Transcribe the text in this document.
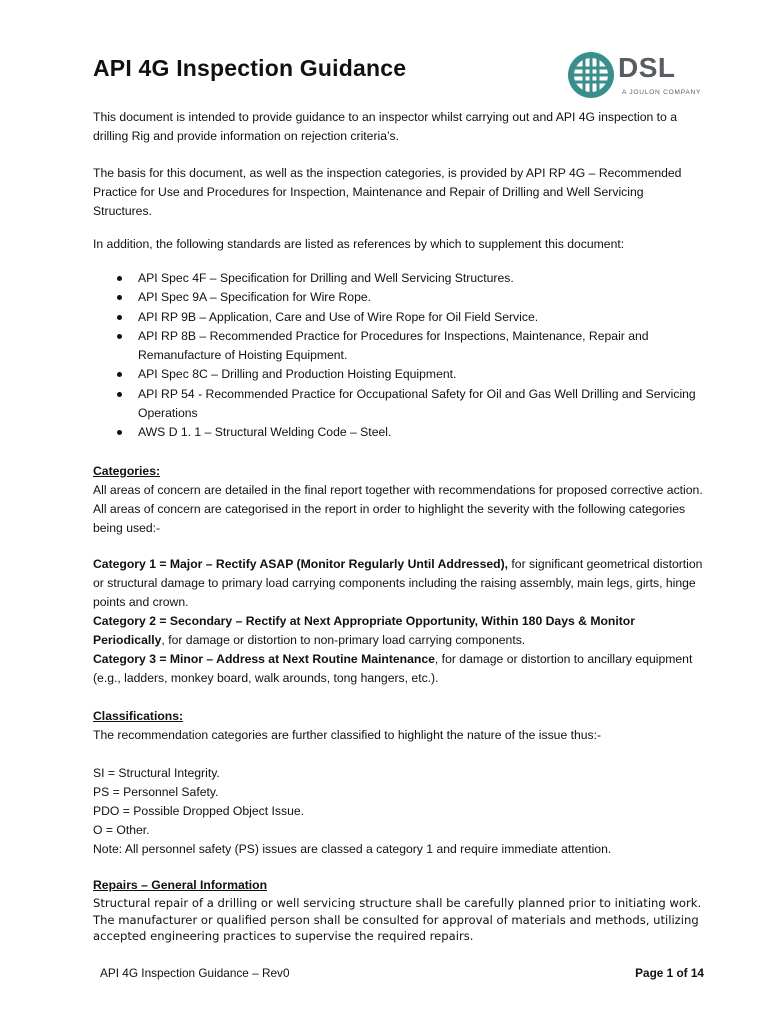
API 4G Inspection Guidance	DSL
A JOULON COMPANY

This document is intended to provide guidance to an inspector whilst carrying out and API 4G inspection to a drilling Rig and provide information on rejection criteria’s.

The basis for this document, as well as the inspection categories, is provided by API RP 4G – Recommended Practice for Use and Procedures for Inspection, Maintenance and Repair of Drilling and Well Servicing Structures.

In addition, the following standards are listed as references by which to supplement this document:

API Spec 4F – Specification for Drilling and Well Servicing Structures.
API Spec 9A – Specification for Wire Rope.
API RP 9B – Application, Care and Use of Wire Rope for Oil Field Service.
API RP 8B – Recommended Practice for Procedures for Inspections, Maintenance, Repair and Remanufacture of Hoisting Equipment.
API Spec 8C – Drilling and Production Hoisting Equipment.
API RP 54 - Recommended Practice for Occupational Safety for Oil and Gas Well Drilling and Servicing Operations
AWS D 1. 1 – Structural Welding Code – Steel.
Categories:
All areas of concern are detailed in the final report together with recommendations for proposed corrective action. All areas of concern are categorised in the report in order to highlight the severity with the following categories being used:-
Category 1 = Major – Rectify ASAP (Monitor Regularly Until Addressed), for significant geometrical distortion or structural damage to primary load carrying components including the raising assembly, main legs, girts, hinge points and crown.
Category 2 = Secondary – Rectify at Next Appropriate Opportunity, Within 180 Days & Monitor Periodically, for damage or distortion to non-primary load carrying components.
Category 3 = Minor – Address at Next Routine Maintenance, for damage or distortion to ancillary equipment (e.g., ladders, monkey board, walk arounds, tong hangers, etc.).
Classifications:
The recommendation categories are further classified to highlight the nature of the issue thus:-
SI = Structural Integrity.
PS = Personnel Safety.
PDO = Possible Dropped Object Issue.
O = Other.
Note: All personnel safety (PS) issues are classed a category 1 and require immediate attention.
Repairs – General Information
Structural repair of a drilling or well servicing structure shall be carefully planned prior to initiating work. The manufacturer or qualified person shall be consulted for approval of materials and methods, utilizing accepted engineering practices to supervise the required repairs.
API 4G Inspection Guidance – Rev0	Page 1 of 14
